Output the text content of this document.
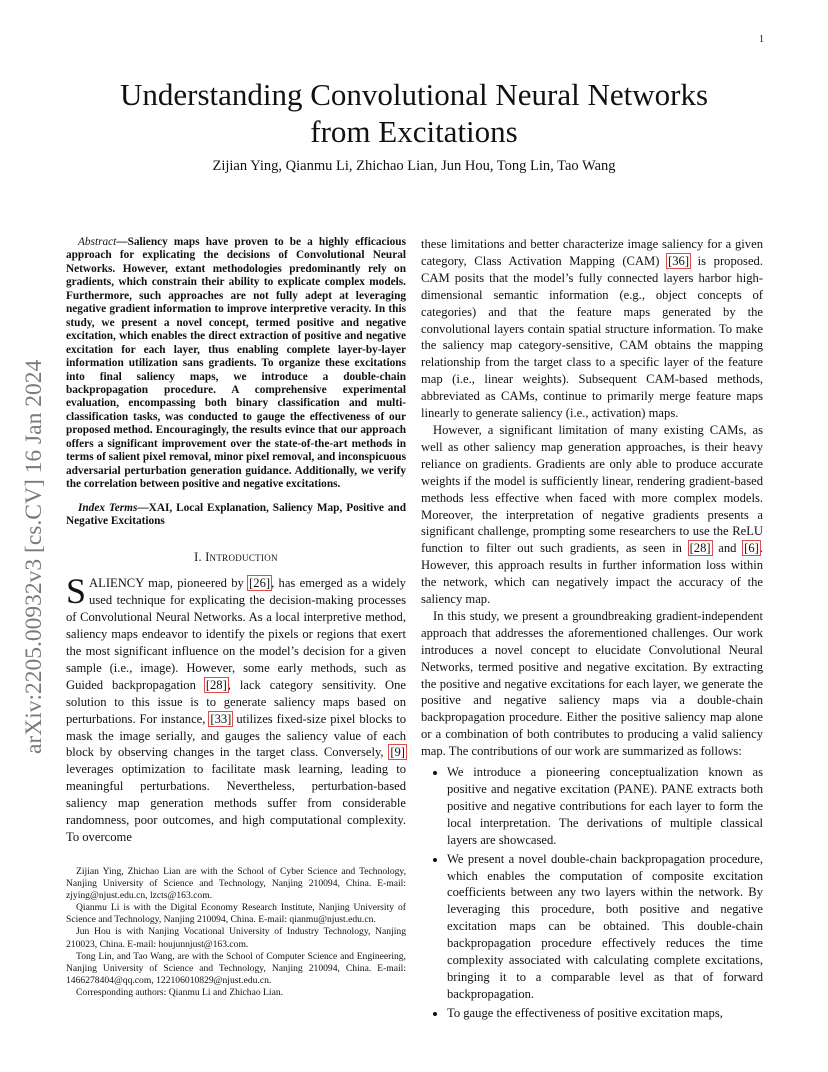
1
arXiv:2205.00932v3 [cs.CV] 16 Jan 2024
Understanding Convolutional Neural Networks
from Excitations
Zijian Ying, Qianmu Li, Zhichao Lian, Jun Hou, Tong Lin, Tao Wang

Abstract—Saliency maps have proven to be a highly efficacious approach for explicating the decisions of Convolutional Neural Networks. However, extant methodologies predominantly rely on gradients, which constrain their ability to explicate complex models. Furthermore, such approaches are not fully adept at leveraging negative gradient information to improve interpretive veracity. In this study, we present a novel concept, termed positive and negative excitation, which enables the direct extraction of positive and negative excitation for each layer, thus enabling complete layer-by-layer information utilization sans gradients. To organize these excitations into final saliency maps, we introduce a double-chain backpropagation procedure. A comprehensive experimental evaluation, encompassing both binary classification and multi-classification tasks, was conducted to gauge the effectiveness of our proposed method. Encouragingly, the results evince that our approach offers a significant improvement over the state-of-the-art methods in terms of salient pixel removal, minor pixel removal, and inconspicuous adversarial perturbation generation guidance. Additionally, we verify the correlation between positive and negative excitations.

Index Terms—XAI, Local Explanation, Saliency Map, Positive and Negative Excitations

I. Introduction

SALIENCY map, pioneered by [26], has emerged as a widely used technique for explicating the decision-making processes of Convolutional Neural Networks. As a local interpretive method, saliency maps endeavor to identify the pixels or regions that exert the most significant influence on the model’s decision for a given sample (i.e., image). However, some early methods, such as Guided backpropagation [28], lack category sensitivity. One solution to this issue is to generate saliency maps based on perturbations. For instance, [33] utilizes fixed-size pixel blocks to mask the image serially, and gauges the saliency value of each block by observing changes in the target class. Conversely, [9] leverages optimization to facilitate mask learning, leading to meaningful perturbations. Nevertheless, perturbation-based saliency map generation methods suffer from considerable randomness, poor outcomes, and high computational complexity. To overcome

Zijian Ying, Zhichao Lian are with the School of Cyber Science and Technology, Nanjing University of Science and Technology, Nanjing 210094, China. E-mail: zjying@njust.edu.cn, lzcts@163.com.

Qianmu Li is with the Digital Economy Research Institute, Nanjing University of Science and Technology, Nanjing 210094, China. E-mail: qianmu@njust.edu.cn.

Jun Hou is with Nanjing Vocational University of Industry Technology, Nanjing 210023, China. E-mail: houjunnjust@163.com.

Tong Lin, and Tao Wang, are with the School of Computer Science and Engineering, Nanjing University of Science and Technology, Nanjing 210094, China. E-mail: 1466278404@qq.com, 122106010829@njust.edu.cn.

Corresponding authors: Qianmu Li and Zhichao Lian.

these limitations and better characterize image saliency for a given category, Class Activation Mapping (CAM) [36] is proposed. CAM posits that the model’s fully connected layers harbor high-dimensional semantic information (e.g., object concepts of categories) and that the feature maps generated by the convolutional layers contain spatial structure information. To make the saliency map category-sensitive, CAM obtains the mapping relationship from the target class to a specific layer of the feature map (i.e., linear weights). Subsequent CAM-based methods, abbreviated as CAMs, continue to primarily merge feature maps linearly to generate saliency (i.e., activation) maps.

However, a significant limitation of many existing CAMs, as well as other saliency map generation approaches, is their heavy reliance on gradients. Gradients are only able to produce accurate weights if the model is sufficiently linear, rendering gradient-based methods less effective when faced with more complex models. Moreover, the interpretation of negative gradients presents a significant challenge, prompting some researchers to use the ReLU function to filter out such gradients, as seen in [28] and [6]. However, this approach results in further information loss within the network, which can negatively impact the accuracy of the saliency map.

In this study, we present a groundbreaking gradient-independent approach that addresses the aforementioned challenges. Our work introduces a novel concept to elucidate Convolutional Neural Networks, termed positive and negative excitation. By extracting the positive and negative excitations for each layer, we generate the positive and negative saliency maps via a double-chain backpropagation procedure. Either the positive saliency map alone or a combination of both contributes to producing a valid saliency map. The contributions of our work are summarized as follows:

• We introduce a pioneering conceptualization known as positive and negative excitation (PANE). PANE extracts both positive and negative contributions for each layer to form the local interpretation. The derivations of multiple classical layers are showcased.
• We present a novel double-chain backpropagation procedure, which enables the computation of composite excitation coefficients between any two layers within the network. By leveraging this procedure, both positive and negative excitation maps can be obtained. This double-chain backpropagation procedure effectively reduces the time complexity associated with calculating complete excitations, bringing it to a comparable level as that of forward backpropagation.
• To gauge the effectiveness of positive excitation maps,
